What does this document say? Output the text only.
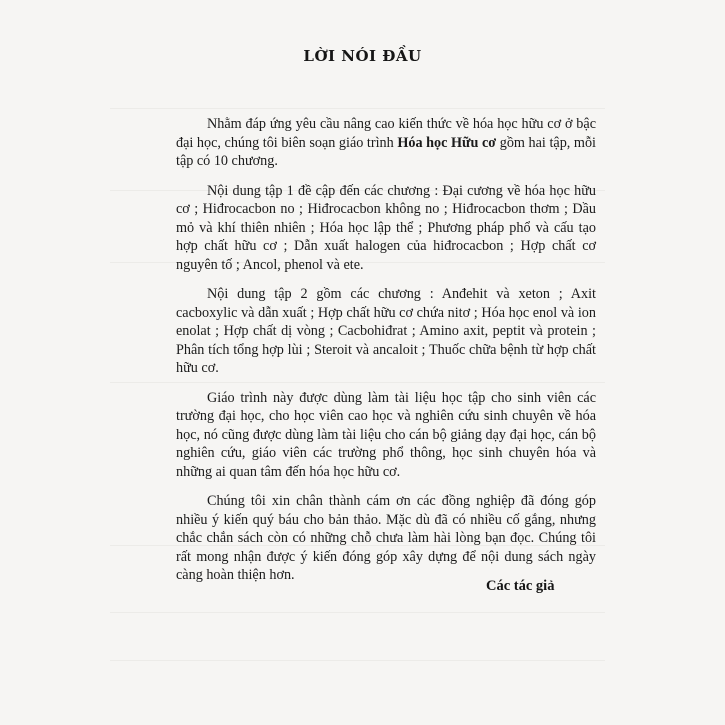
LỜI NÓI ĐẦU

Nhằm đáp ứng yêu cầu nâng cao kiến thức về hóa học hữu cơ ở bậc đại học, chúng tôi biên soạn giáo trình Hóa học Hữu cơ gồm hai tập, mỗi tập có 10 chương.

Nội dung tập 1 đề cập đến các chương : Đại cương về hóa học hữu cơ ; Hiđrocacbon no ; Hiđrocacbon không no ; Hiđrocacbon thơm ; Dầu mỏ và khí thiên nhiên ; Hóa học lập thể ; Phương pháp phổ và cấu tạo hợp chất hữu cơ ; Dẫn xuất halogen của hiđrocacbon ; Hợp chất cơ nguyên tố ; Ancol, phenol và ete.

Nội dung tập 2 gồm các chương : Anđehit và xeton ; Axit cacboxylic và dẫn xuất ; Hợp chất hữu cơ chứa nitơ ; Hóa học enol và ion enolat ; Hợp chất dị vòng ; Cacbohiđrat ; Amino axit, peptit và protein ; Phân tích tổng hợp lùi ; Steroit và ancaloit ; Thuốc chữa bệnh từ hợp chất hữu cơ.

Giáo trình này được dùng làm tài liệu học tập cho sinh viên các trường đại học, cho học viên cao học và nghiên cứu sinh chuyên về hóa học, nó cũng được dùng làm tài liệu cho cán bộ giảng dạy đại học, cán bộ nghiên cứu, giáo viên các trường phổ thông, học sinh chuyên hóa và những ai quan tâm đến hóa học hữu cơ.

Chúng tôi xin chân thành cám ơn các đồng nghiệp đã đóng góp nhiều ý kiến quý báu cho bản thảo. Mặc dù đã có nhiều cố gắng, nhưng chắc chắn sách còn có những chỗ chưa làm hài lòng bạn đọc. Chúng tôi rất mong nhận được ý kiến đóng góp xây dựng để nội dung sách ngày càng hoàn thiện hơn.

Các tác giả
